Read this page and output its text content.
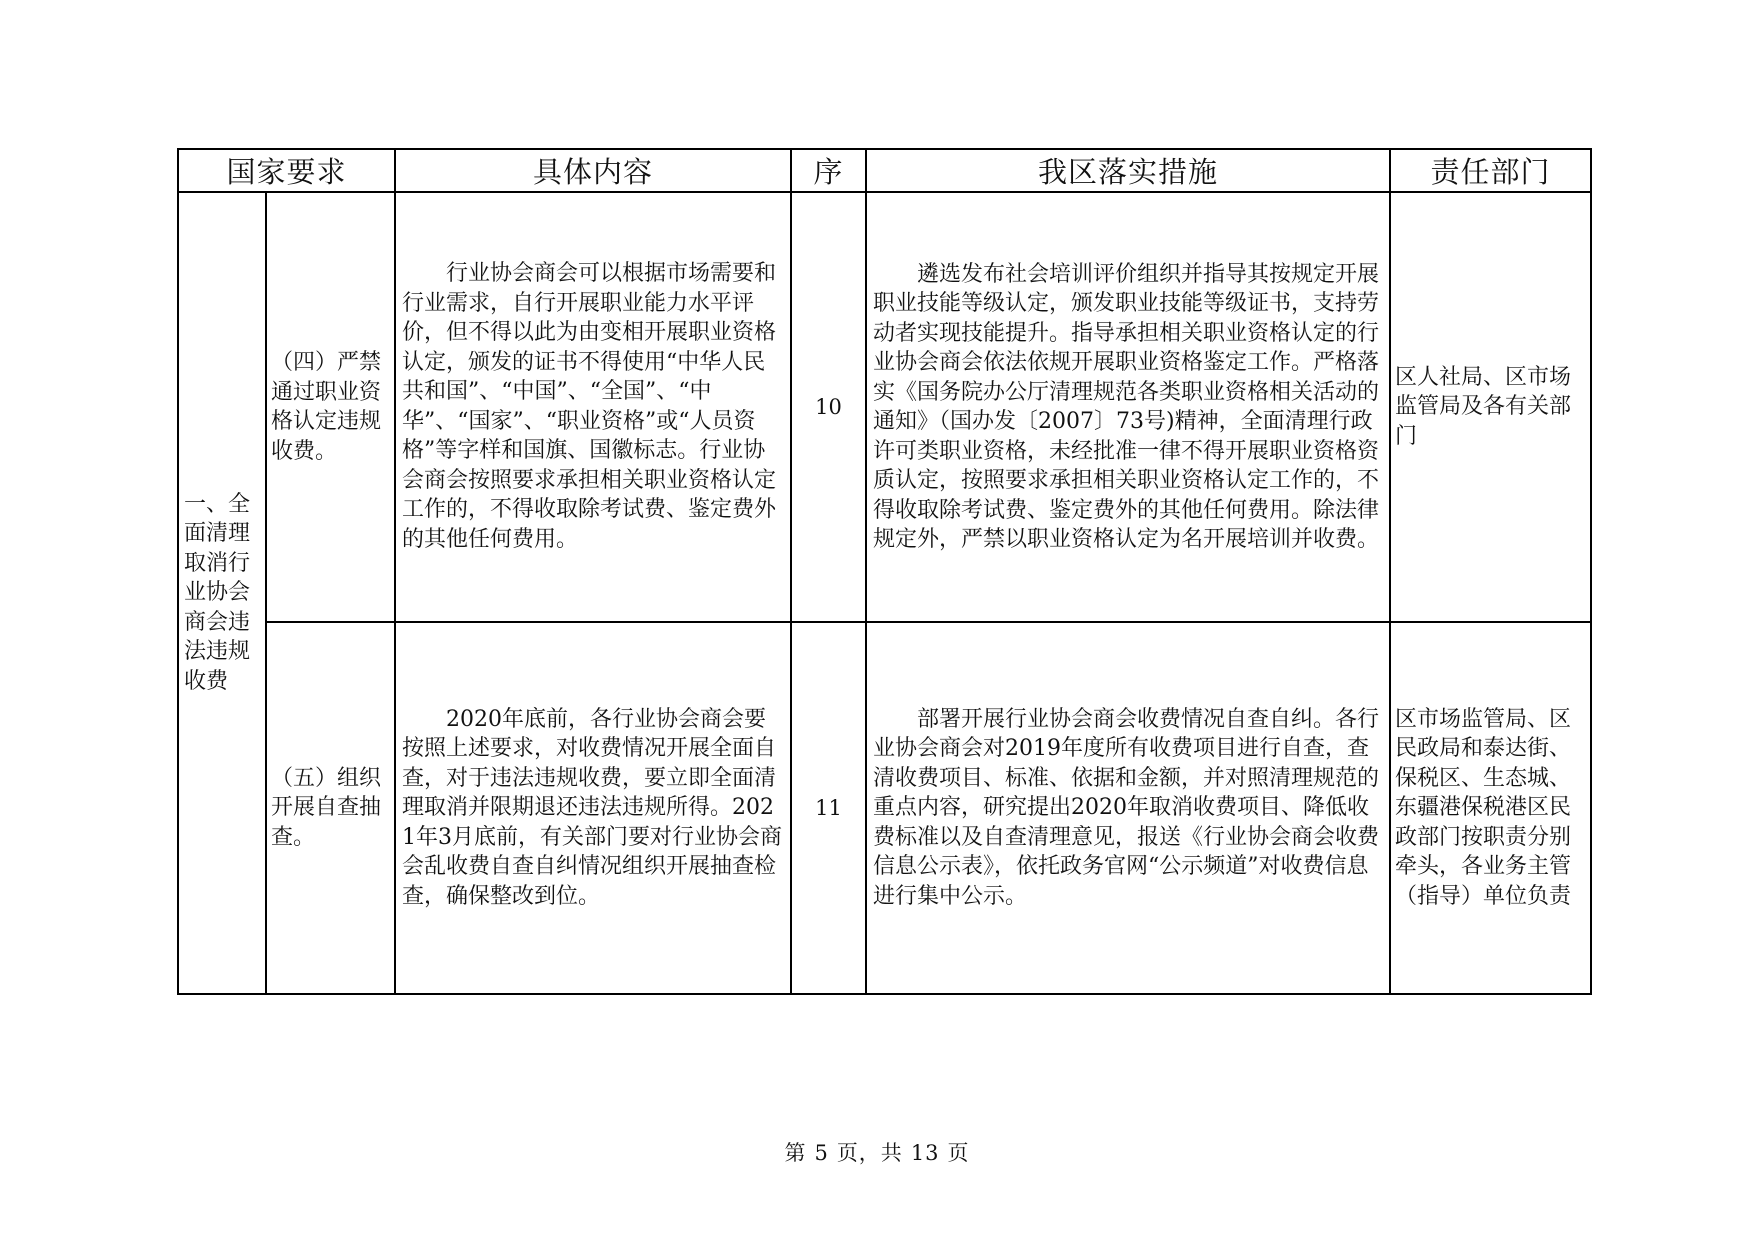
国家要求		具体内容	序	我区落实措施	责任部门

一、全面清理取消行业协会商会违法违规收费	（四）严禁通过职业资格认定违规收费。	行业协会商会可以根据市场需要和行业需求，自行开展职业能力水平评价，但不得以此为由变相开展职业资格认定，颁发的证书不得使用“中华人民共和国”、“中国”、“全国”、“中华”、“国家”、“职业资格”或“人员资格”等字样和国旗、国徽标志。行业协会商会按照要求承担相关职业资格认定工作的，不得收取除考试费、鉴定费外的其他任何费用。	10	遴选发布社会培训评价组织并指导其按规定开展职业技能等级认定，颁发职业技能等级证书，支持劳动者实现技能提升。指导承担相关职业资格认定的行业协会商会依法依规开展职业资格鉴定工作。严格落实《国务院办公厅清理规范各类职业资格相关活动的通知》（国办发〔2007〕73号)精神，全面清理行政许可类职业资格，未经批准一律不得开展职业资格资质认定，按照要求承担相关职业资格认定工作的，不得收取除考试费、鉴定费外的其他任何费用。除法律规定外，严禁以职业资格认定为名开展培训并收费。	区人社局、区市场监管局及各有关部门

	（五）组织开展自查抽查。	2020年底前，各行业协会商会要按照上述要求，对收费情况开展全面自查，对于违法违规收费，要立即全面清理取消并限期退还违法违规所得。2021年3月底前，有关部门要对行业协会商会乱收费自查自纠情况组织开展抽查检查，确保整改到位。	11	部署开展行业协会商会收费情况自查自纠。各行业协会商会对2019年度所有收费项目进行自查，查清收费项目、标准、依据和金额，并对照清理规范的重点内容，研究提出2020年取消收费项目、降低收费标准以及自查清理意见，报送《行业协会商会收费信息公示表》，依托政务官网“公示频道”对收费信息进行集中公示。	区市场监管局、区民政局和泰达街、保税区、生态城、东疆港保税港区民政部门按职责分别牵头，各业务主管（指导）单位负责
第 5 页，共 13 页
